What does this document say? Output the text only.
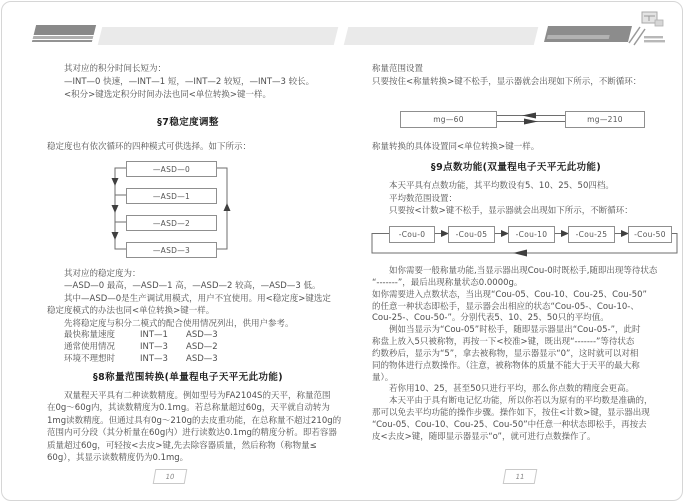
其对应的积分时间长短为：
—INT—0 快速，—INT—1 短，—INT—2 较短，—INT—3 较长。
<积分>键选定积分时间办法也同<单位转换>键一样。
§7稳定度调整
稳定度也有依次循环的四种模式可供选择。如下所示：
—ASD—0
—ASD—1
—ASD—2
—ASD—3
其对应的稳定度为：
—ASD—0 最高，—ASD—1 高，—ASD—2 较高，—ASD—3 低。
其中—ASD—0是生产调试用模式，用户不宜使用。用<稳定度>键选定
稳定度模式的办法也同<单位转换>键一样。
先将稳定度与积分二模式的配合使用情况列出，供用户参考。
最快称量速度	INT—1	ASD—3
通常使用情况	INT—3	ASD—2
环境不理想时	INT—3	ASD—3
§8称量范围转换(单量程电子天平无此功能)
双量程天平具有二种读数精度。例如型号为FA2104S的天平，称量范围
在0g～60g内，其读数精度为0.1mg。若总称量超过60g，天平就自动转为
1mg读数精度。但通过具有0g～210g的去皮重功能，在总称量不超过210g的
范围内可分段（其分析量在60g内）进行读数达0.1mg的精度分析。即若容器
质量超过60g，可轻按<去皮>键,先去除容器质量，然后称物（称物量≤
60g），其显示读数精度仍为0.1mg。
10
称量范围设置
只要按住<称量转换>键不松手，显示器就会出现如下所示，不断循环：
mg—60	mg—210
称量转换的具体设置同<单位转换>键一样。
§9点数功能(双量程电子天平无此功能)
本天平具有点数功能，其平均数设有5、10、25、50四档。
平均数范围设置：
只要按<计数>键不松手，显示器就会出现如下所示，不断循环：
-Cou-0	-Cou-05	-Cou-10	-Cou-25	-Cou-50
如你需要一般称量功能,当显示器出现Cou-0时既松手,随即出现等待状态
“-------”，最后出现称量状态0.0000g。
如你需要进入点数状态，当出现“Cou-05、Cou-10、Cou-25、Cou-50”
的任意一种状态即松手，显示器会出相应的状态“Cou-05-、Cou-10-、
Cou-25-、Cou-50-”。分别代表5、10、25、50只的平均值。
例如当显示为“Cou-05”时松手，随即显示器显出“Cou-05-”，此时
称盘上放入5只被称物，再按一下<校准>键，既出现“-------”等待状态
约数秒后，显示为“5”，拿去被称物，显示器显示“0”，这时就可以对相
同的物体进行点数操作。（注意，被称物体的质量不能大于天平的最大称
量）。
若你用10、25，甚至50只进行平均，那么你点数的精度会更高。
本天平由于具有断电记忆功能，所以你若以为原有的平均数是准确的，
那可以免去平均功能的操作步骤。操作如下，按住<计数>键，显示器出现
“Cou-05、Cou-10、Cou-25、Cou-50”中任意一种状态即松手，再按去
皮<去皮>键，随即显示器显示“o”，就可进行点数操作了。
11
